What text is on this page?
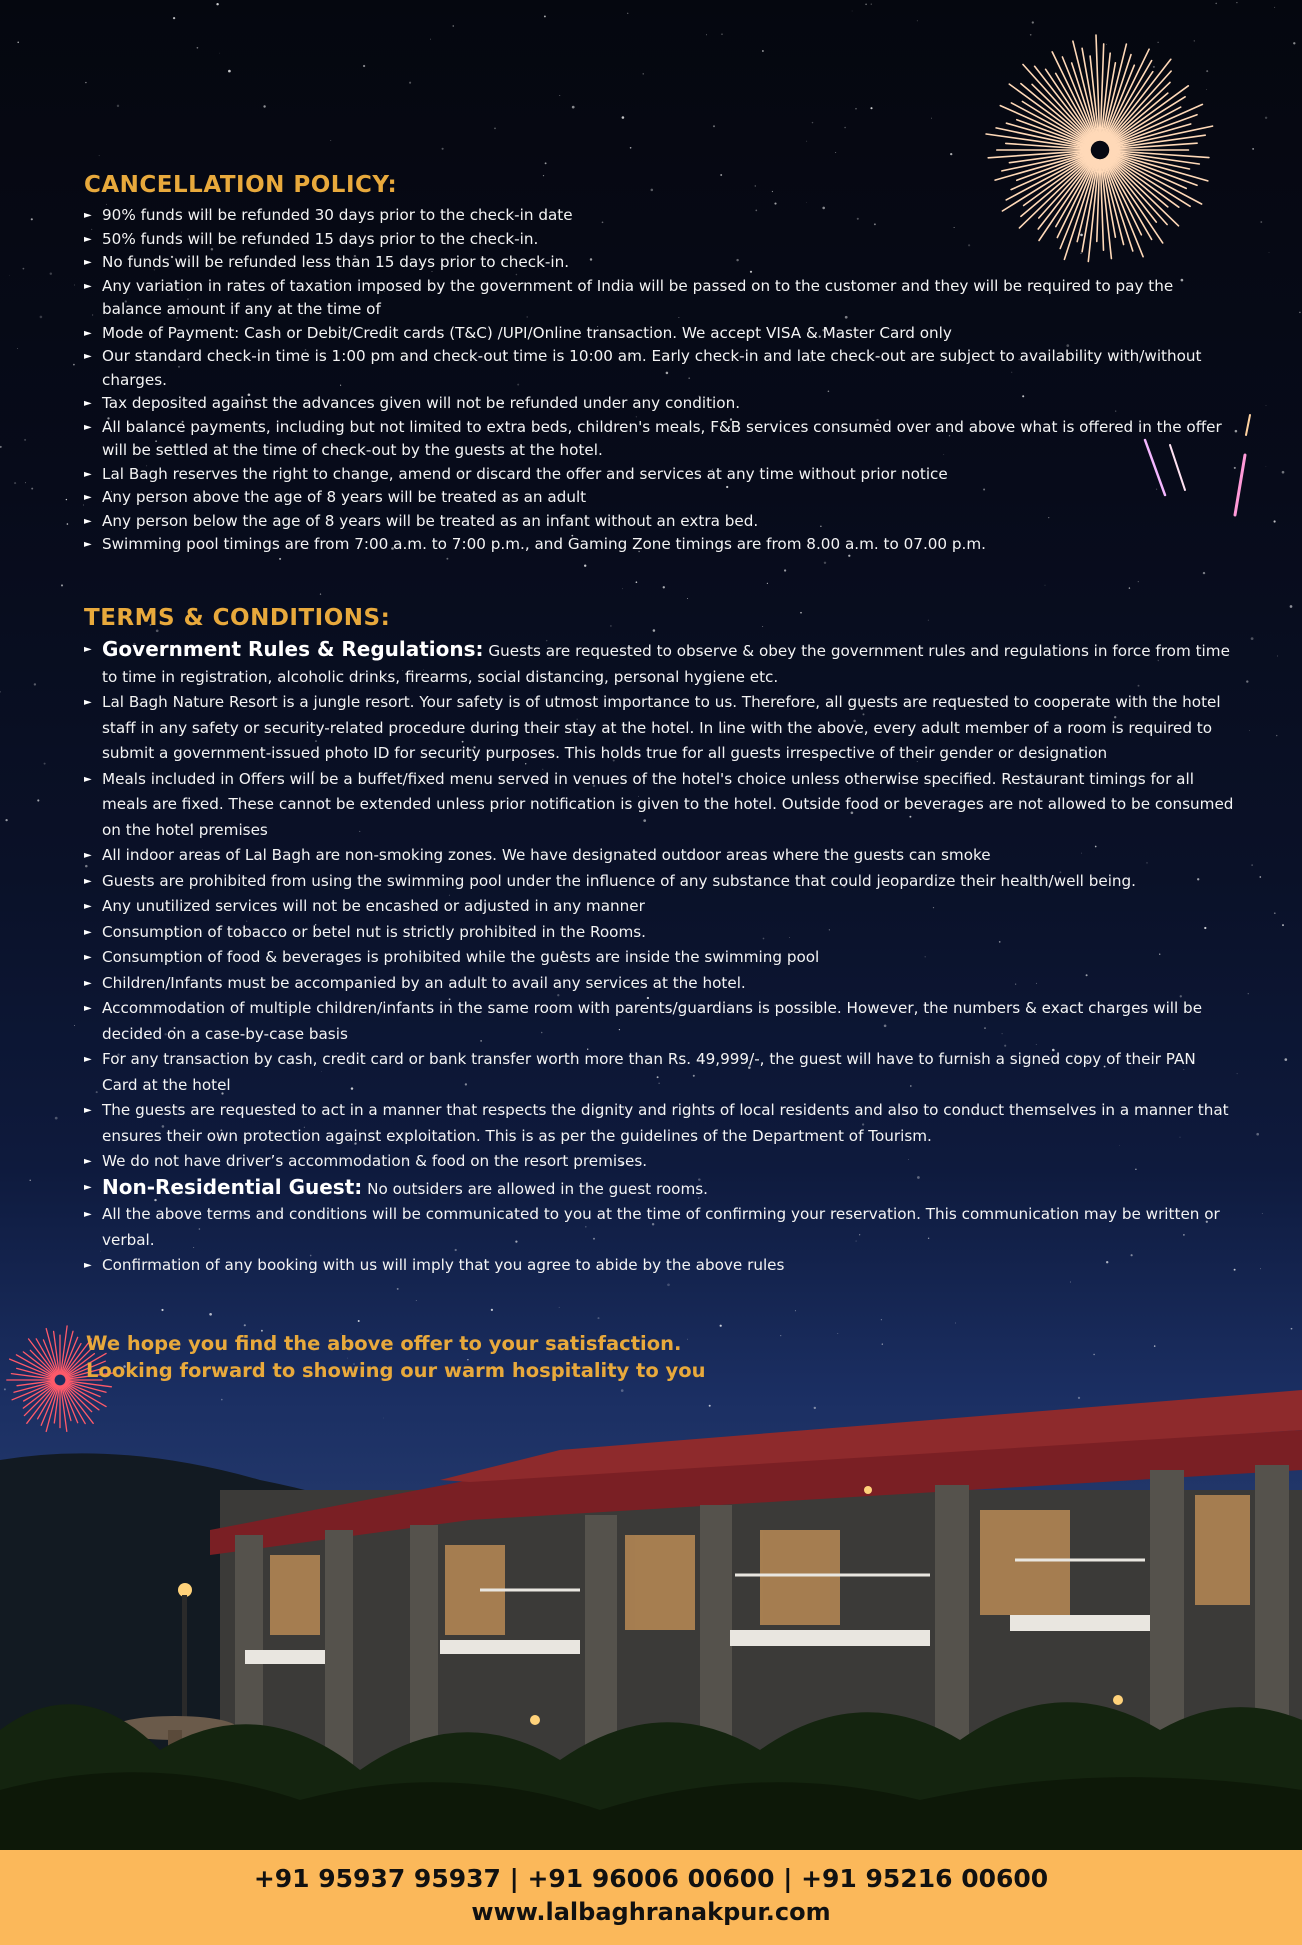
CANCELLATION POLICY:
► 90% funds will be refunded 30 days prior to the check-in date
► 50% funds will be refunded 15 days prior to the check-in.
► No funds will be refunded less than 15 days prior to check-in.
► Any variation in rates of taxation imposed by the government of India will be passed on to the customer and they will be required to pay the balance amount if any at the time of
► Mode of Payment: Cash or Debit/Credit cards (T&C) /UPI/Online transaction. We accept VISA & Master Card only
► Our standard check-in time is 1:00 pm and check-out time is 10:00 am. Early check-in and late check-out are subject to availability with/without charges.
► Tax deposited against the advances given will not be refunded under any condition.
► All balance payments, including but not limited to extra beds, children's meals, F&B services consumed over and above what is offered in the offer will be settled at the time of check-out by the guests at the hotel.
► Lal Bagh reserves the right to change, amend or discard the offer and services at any time without prior notice
► Any person above the age of 8 years will be treated as an adult
► Any person below the age of 8 years will be treated as an infant without an extra bed.
► Swimming pool timings are from 7:00 a.m. to 7:00 p.m., and Gaming Zone timings are from 8.00 a.m. to 07.00 p.m.
TERMS & CONDITIONS:
► Government Rules & Regulations: Guests are requested to observe & obey the government rules and regulations in force from time to time in registration, alcoholic drinks, firearms, social distancing, personal hygiene etc.
► Lal Bagh Nature Resort is a jungle resort. Your safety is of utmost importance to us. Therefore, all guests are requested to cooperate with the hotel staff in any safety or security-related procedure during their stay at the hotel. In line with the above, every adult member of a room is required to submit a government-issued photo ID for security purposes. This holds true for all guests irrespective of their gender or designation
► Meals included in Offers will be a buffet/fixed menu served in venues of the hotel's choice unless otherwise specified. Restaurant timings for all meals are fixed. These cannot be extended unless prior notification is given to the hotel. Outside food or beverages are not allowed to be consumed on the hotel premises
► All indoor areas of Lal Bagh are non-smoking zones. We have designated outdoor areas where the guests can smoke
► Guests are prohibited from using the swimming pool under the influence of any substance that could jeopardize their health/well being.
► Any unutilized services will not be encashed or adjusted in any manner
► Consumption of tobacco or betel nut is strictly prohibited in the Rooms.
► Consumption of food & beverages is prohibited while the guests are inside the swimming pool
► Children/Infants must be accompanied by an adult to avail any services at the hotel.
► Accommodation of multiple children/infants in the same room with parents/guardians is possible. However, the numbers & exact charges will be decided on a case-by-case basis
► For any transaction by cash, credit card or bank transfer worth more than Rs. 49,999/-, the guest will have to furnish a signed copy of their PAN Card at the hotel
► The guests are requested to act in a manner that respects the dignity and rights of local residents and also to conduct themselves in a manner that ensures their own protection against exploitation. This is as per the guidelines of the Department of Tourism.
► We do not have driver’s accommodation & food on the resort premises.
► Non-Residential Guest: No outsiders are allowed in the guest rooms.
► All the above terms and conditions will be communicated to you at the time of confirming your reservation. This communication may be written or verbal.
► Confirmation of any booking with us will imply that you agree to abide by the above rules
We hope you find the above offer to your satisfaction.
Looking forward to showing our warm hospitality to you
+91 95937 95937 | +91 96006 00600 | +91 95216 00600
www.lalbaghranakpur.com
